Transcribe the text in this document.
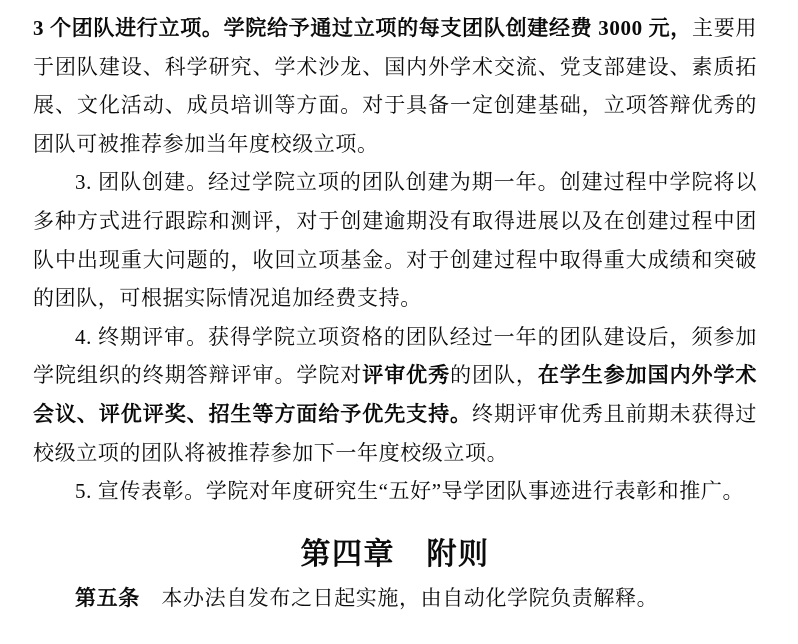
3 个团队进行立项。学院给予通过立项的每支团队创建经费 3000 元，主要用于团队建设、科学研究、学术沙龙、国内外学术交流、党支部建设、素质拓展、文化活动、成员培训等方面。对于具备一定创建基础，立项答辩优秀的团队可被推荐参加当年度校级立项。

3. 团队创建。经过学院立项的团队创建为期一年。创建过程中学院将以多种方式进行跟踪和测评，对于创建逾期没有取得进展以及在创建过程中团队中出现重大问题的，收回立项基金。对于创建过程中取得重大成绩和突破的团队，可根据实际情况追加经费支持。

4. 终期评审。获得学院立项资格的团队经过一年的团队建设后，须参加学院组织的终期答辩评审。学院对评审优秀的团队，在学生参加国内外学术会议、评优评奖、招生等方面给予优先支持。终期评审优秀且前期未获得过校级立项的团队将被推荐参加下一年度校级立项。

5. 宣传表彰。学院对年度研究生“五好”导学团队事迹进行表彰和推广。

第四章　附则

第五条　本办法自发布之日起实施，由自动化学院负责解释。
